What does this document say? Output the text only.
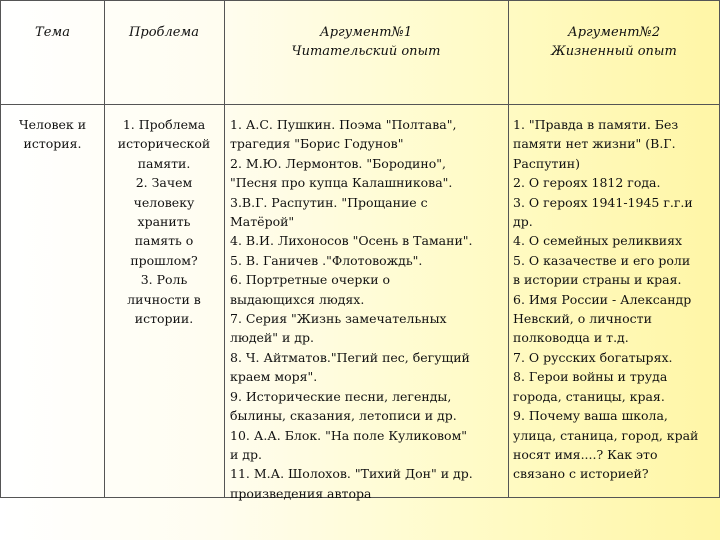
Тема	Проблема	Аргумент№1
Читательский опыт
Аргумент№2
Жизненный опыт
Человек и
история.
1. Проблема
исторической
памяти.
2. Зачем
человеку
хранить
память о
прошлом?
3. Роль
личности в
истории.
1. А.С. Пушкин. Поэма "Полтава",
трагедия "Борис Годунов"
2. М.Ю. Лермонтов. "Бородино",
"Песня про купца Калашникова".
3.В.Г. Распутин. "Прощание с
Матёрой"
4. В.И. Лихоносов "Осень в Тамани".
5. В. Ганичев ."Флотовождь".
6. Портретные очерки о
выдающихся людях.
7. Серия "Жизнь замечательных
людей" и др.
8. Ч. Айтматов."Пегий пес, бегущий
краем моря".
9. Исторические песни, легенды,
былины, сказания, летописи и др.
10. А.А. Блок. "На поле Куликовом"
и др.
11. М.А. Шолохов. "Тихий Дон" и др.
произведения автора
1. "Правда в памяти. Без
памяти нет жизни" (В.Г.
Распутин)
2. О героях 1812 года.
3. О героях 1941-1945 г.г.и
др.
4. О семейных реликвиях
5. О казачестве и его роли
в истории страны и края.
6. Имя России - Александр
Невский, о личности
полководца и т.д.
7. О русских богатырях.
8. Герои войны и труда
города, станицы, края.
9. Почему ваша школа,
улица, станица, город, край
носят имя....? Как это
связано с историей?
